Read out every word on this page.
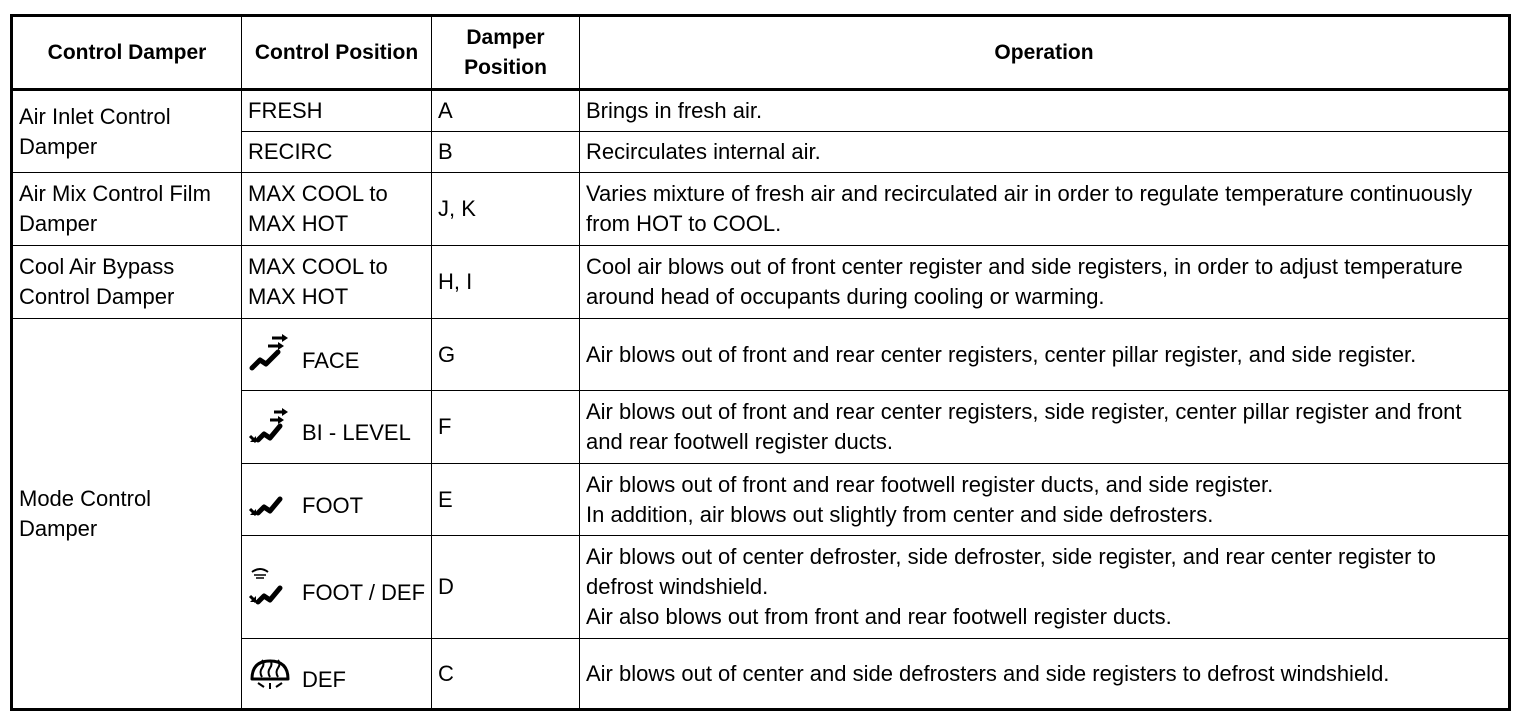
Control Damper	Control Position	Damper Position	Operation
Air Inlet Control Damper	FRESH	A	Brings in fresh air.

	RECIRC	B	Recirculates internal air.

Air Mix Control Film Damper	MAX COOL to MAX HOT	J, K	Varies mixture of fresh air and recirculated air in order to regulate temperature continuously from HOT to COOL.

Cool Air Bypass Control Damper	MAX COOL to MAX HOT	H, I	Cool air blows out of front center register and side registers, in order to adjust temperature around head of occupants during cooling or warming.

Mode Control Damper	FACE	G	Air blows out of front and rear center registers, center pillar register, and side register.

	BI - LEVEL	F	Air blows out of front and rear center registers, side register, center pillar register and front and rear footwell register ducts.

	FOOT	E	Air blows out of front and rear footwell register ducts, and side register.
In addition, air blows out slightly from center and side defrosters.

	FOOT / DEF	D	Air blows out of center defroster, side defroster, side register, and rear center register to defrost windshield.
Air also blows out from front and rear footwell register ducts.

	DEF	C	Air blows out of center and side defrosters and side registers to defrost windshield.
